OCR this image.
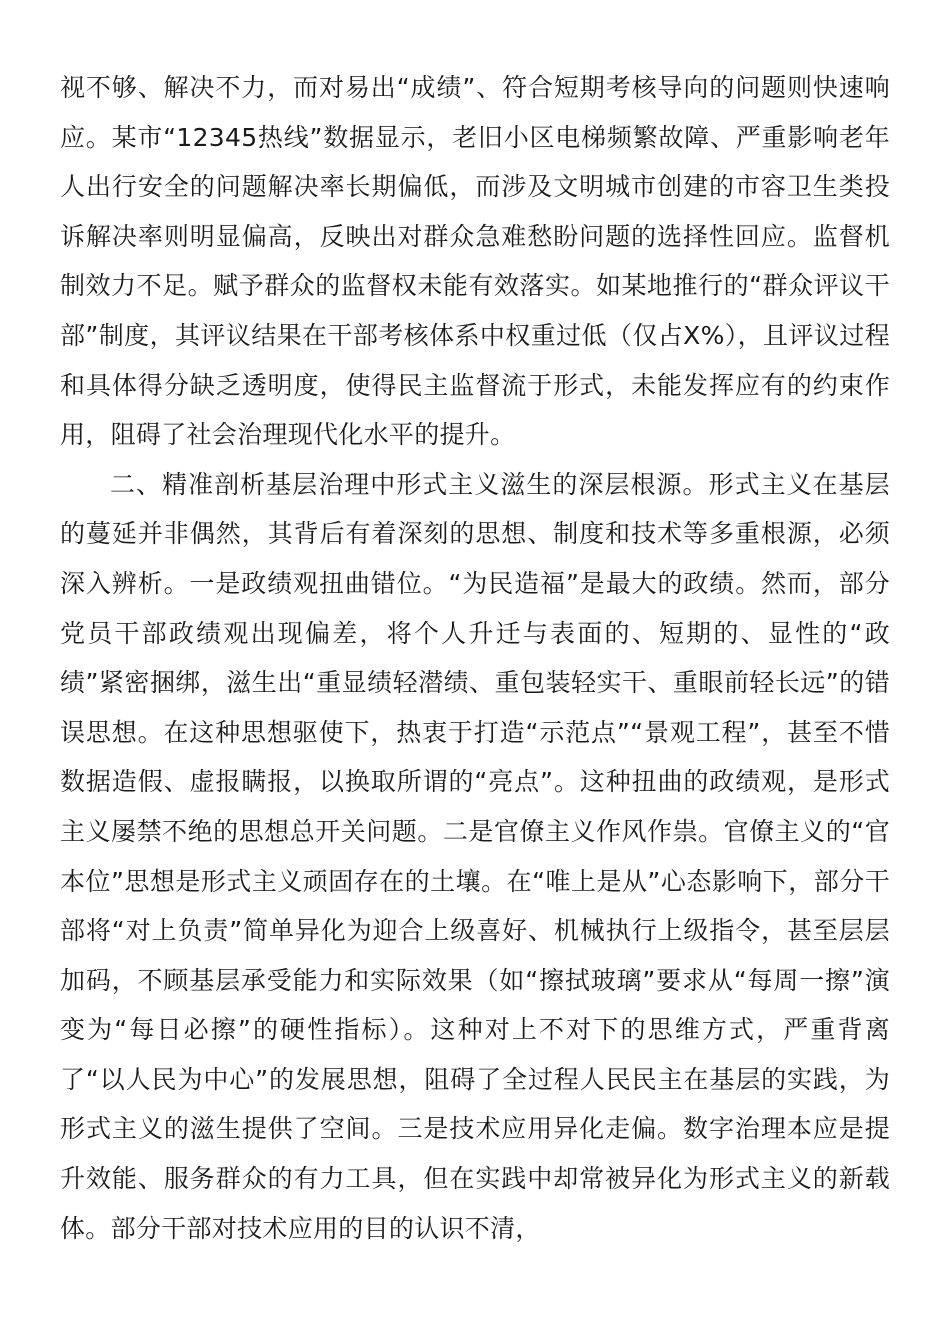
视不够、解决不力，而对易出“成绩”、符合短期考核导向的问题则快速响应。某市“12345热线”数据显示，老旧小区电梯频繁故障、严重影响老年人出行安全的问题解决率长期偏低，而涉及文明城市创建的市容卫生类投诉解决率则明显偏高，反映出对群众急难愁盼问题的选择性回应。监督机制效力不足。赋予群众的监督权未能有效落实。如某地推行的“群众评议干部”制度，其评议结果在干部考核体系中权重过低（仅占X%），且评议过程和具体得分缺乏透明度，使得民主监督流于形式，未能发挥应有的约束作用，阻碍了社会治理现代化水平的提升。

二、精准剖析基层治理中形式主义滋生的深层根源。形式主义在基层的蔓延并非偶然，其背后有着深刻的思想、制度和技术等多重根源，必须深入辨析。一是政绩观扭曲错位。“为民造福”是最大的政绩。然而，部分党员干部政绩观出现偏差，将个人升迁与表面的、短期的、显性的“政绩”紧密捆绑，滋生出“重显绩轻潜绩、重包装轻实干、重眼前轻长远”的错误思想。在这种思想驱使下，热衷于打造“示范点”“景观工程”，甚至不惜数据造假、虚报瞒报，以换取所谓的“亮点”。这种扭曲的政绩观，是形式主义屡禁不绝的思想总开关问题。二是官僚主义作风作祟。官僚主义的“官本位”思想是形式主义顽固存在的土壤。在“唯上是从”心态影响下，部分干部将“对上负责”简单异化为迎合上级喜好、机械执行上级指令，甚至层层加码，不顾基层承受能力和实际效果（如“擦拭玻璃”要求从“每周一擦”演变为“每日必擦”的硬性指标）。这种对上不对下的思维方式，严重背离了“以人民为中心”的发展思想，阻碍了全过程人民民主在基层的实践，为形式主义的滋生提供了空间。三是技术应用异化走偏。数字治理本应是提升效能、服务群众的有力工具，但在实践中却常被异化为形式主义的新载体。部分干部对技术应用的目的认识不清，
